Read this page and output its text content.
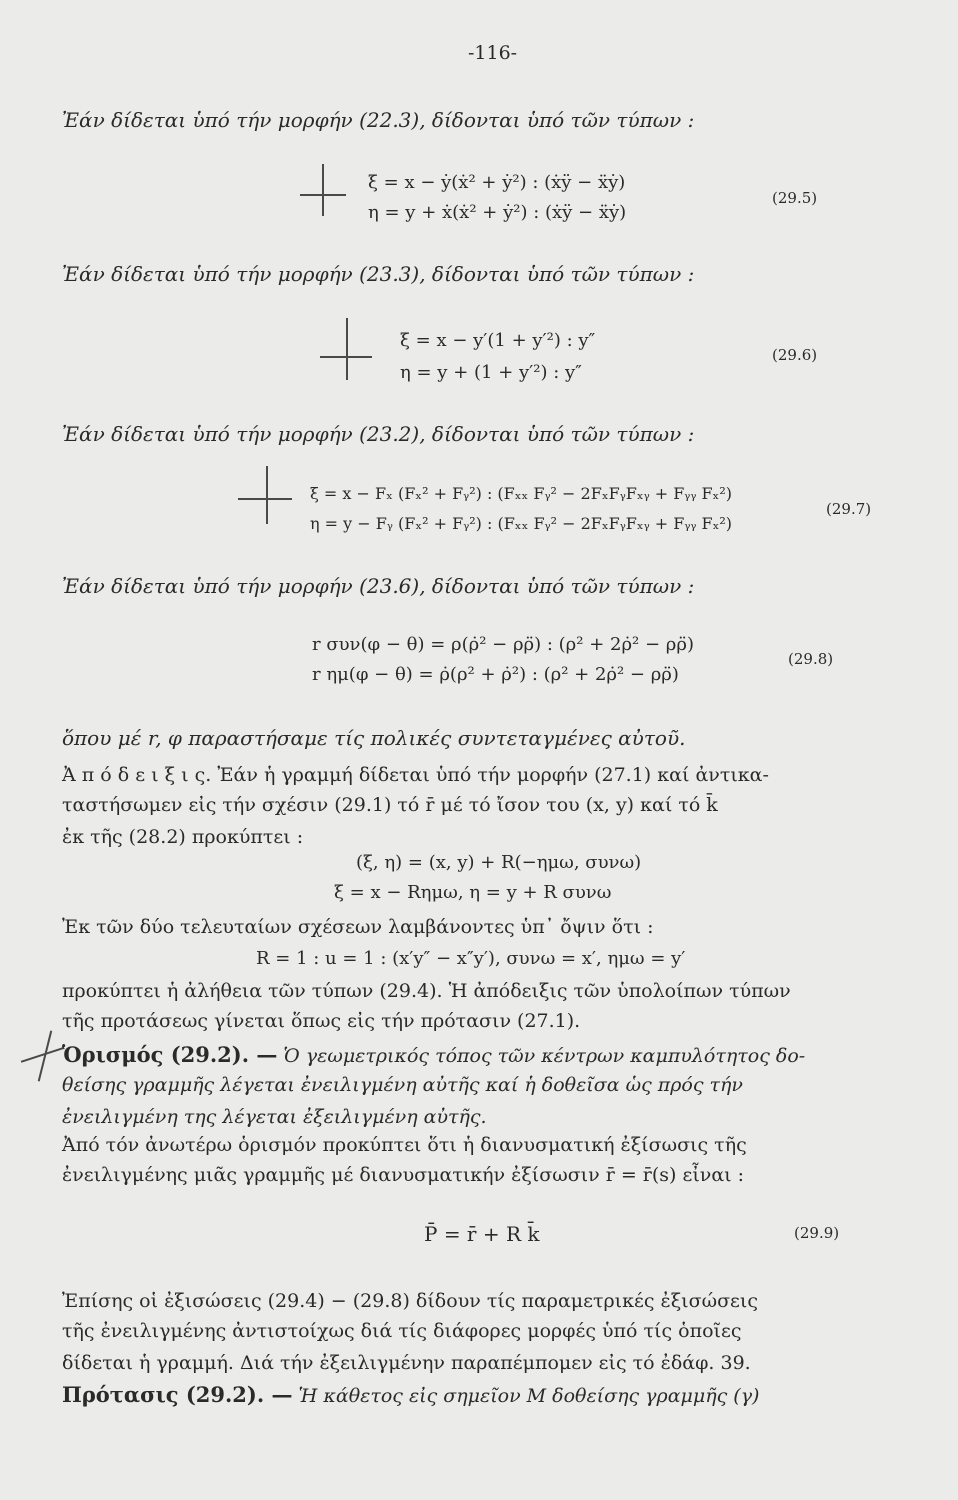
-116-
Ἐάν δίδεται ὑπό τήν μορφήν (22.3), δίδονται ὑπό τῶν τύπων :
ξ = x − ẏ(ẋ² + ẏ²) : (ẋÿ − ẍẏ)
η = y + ẋ(ẋ² + ẏ²) : (ẋÿ − ẍẏ)
(29.5)
Ἐάν δίδεται ὑπό τήν μορφήν (23.3), δίδονται ὑπό τῶν τύπων :
ξ = x − y′(1 + y′²) : y″
η = y + (1 + y′²) : y″
(29.6)
Ἐάν δίδεται ὑπό τήν μορφήν (23.2), δίδονται ὑπό τῶν τύπων :
ξ = x − Fₓ (Fₓ² + Fᵧ²) : (Fₓₓ Fᵧ² − 2FₓFᵧFₓᵧ + Fᵧᵧ Fₓ²)
η = y − Fᵧ (Fₓ² + Fᵧ²) : (Fₓₓ Fᵧ² − 2FₓFᵧFₓᵧ + Fᵧᵧ Fₓ²)
(29.7)
Ἐάν δίδεται ὑπό τήν μορφήν (23.6), δίδονται ὑπό τῶν τύπων :
r συν(φ − θ) = ρ(ρ̇² − ρρ̈) : (ρ² + 2ρ̇² − ρρ̈)
r ημ(φ − θ) = ρ̇(ρ² + ρ̇²) : (ρ² + 2ρ̇² − ρρ̈)
(29.8)
ὅπου μέ r, φ παραστήσαμε τίς πολικές συντεταγμένες αὐτοῦ.
Ἀ π ό δ ε ι ξ ι ς. Ἐάν ἡ γραμμή δίδεται ὑπό τήν μορφήν (27.1) καί ἀντικα-
ταστήσωμεν εἰς τήν σχέσιν (29.1) τό r̄ μέ τό ἴσον του (x, y) καί τό k̄
ἐκ τῆς (28.2) προκύπτει :
(ξ, η) = (x, y) + R(−ημω, συνω)
ξ = x − Rημω, η = y + R συνω
Ἐκ τῶν δύο τελευταίων σχέσεων λαμβάνοντες ὑπ᾽ ὄψιν ὅτι :
R = 1 : u = 1 : (x′y″ − x″y′), συνω = x′, ημω = y′
προκύπτει ἡ ἀλήθεια τῶν τύπων (29.4). Ἡ ἀπόδειξις τῶν ὑπολοίπων τύπων
τῆς προτάσεως γίνεται ὅπως εἰς τήν πρότασιν (27.1).
Ὁρισμός (29.2). — Ὁ γεωμετρικός τόπος τῶν κέντρων καμπυλότητος δο-
θείσης γραμμῆς λέγεται ἐνειλιγμένη αὐτῆς καί ἡ δοθεῖσα ὡς πρός τήν
ἐνειλιγμένη της λέγεται ἐξειλιγμένη αὐτῆς.
Ἀπό τόν ἀνωτέρω ὁρισμόν προκύπτει ὅτι ἡ διανυσματική ἐξίσωσις τῆς
ἐνειλιγμένης μιᾶς γραμμῆς μέ διανυσματικήν ἐξίσωσιν r̄ = r̄(s) εἶναι :
P̄ = r̄ + R k̄	(29.9)
Ἐπίσης οἱ ἐξισώσεις (29.4) − (29.8) δίδουν τίς παραμετρικές ἐξισώσεις
τῆς ἐνειλιγμένης ἀντιστοίχως διά τίς διάφορες μορφές ὑπό τίς ὁποῖες
δίδεται ἡ γραμμή. Διά τήν ἐξειλιγμένην παραπέμπομεν εἰς τό ἐδάφ. 39.
Πρότασις (29.2). — Ἡ κάθετος εἰς σημεῖον Μ δοθείσης γραμμῆς (γ)
